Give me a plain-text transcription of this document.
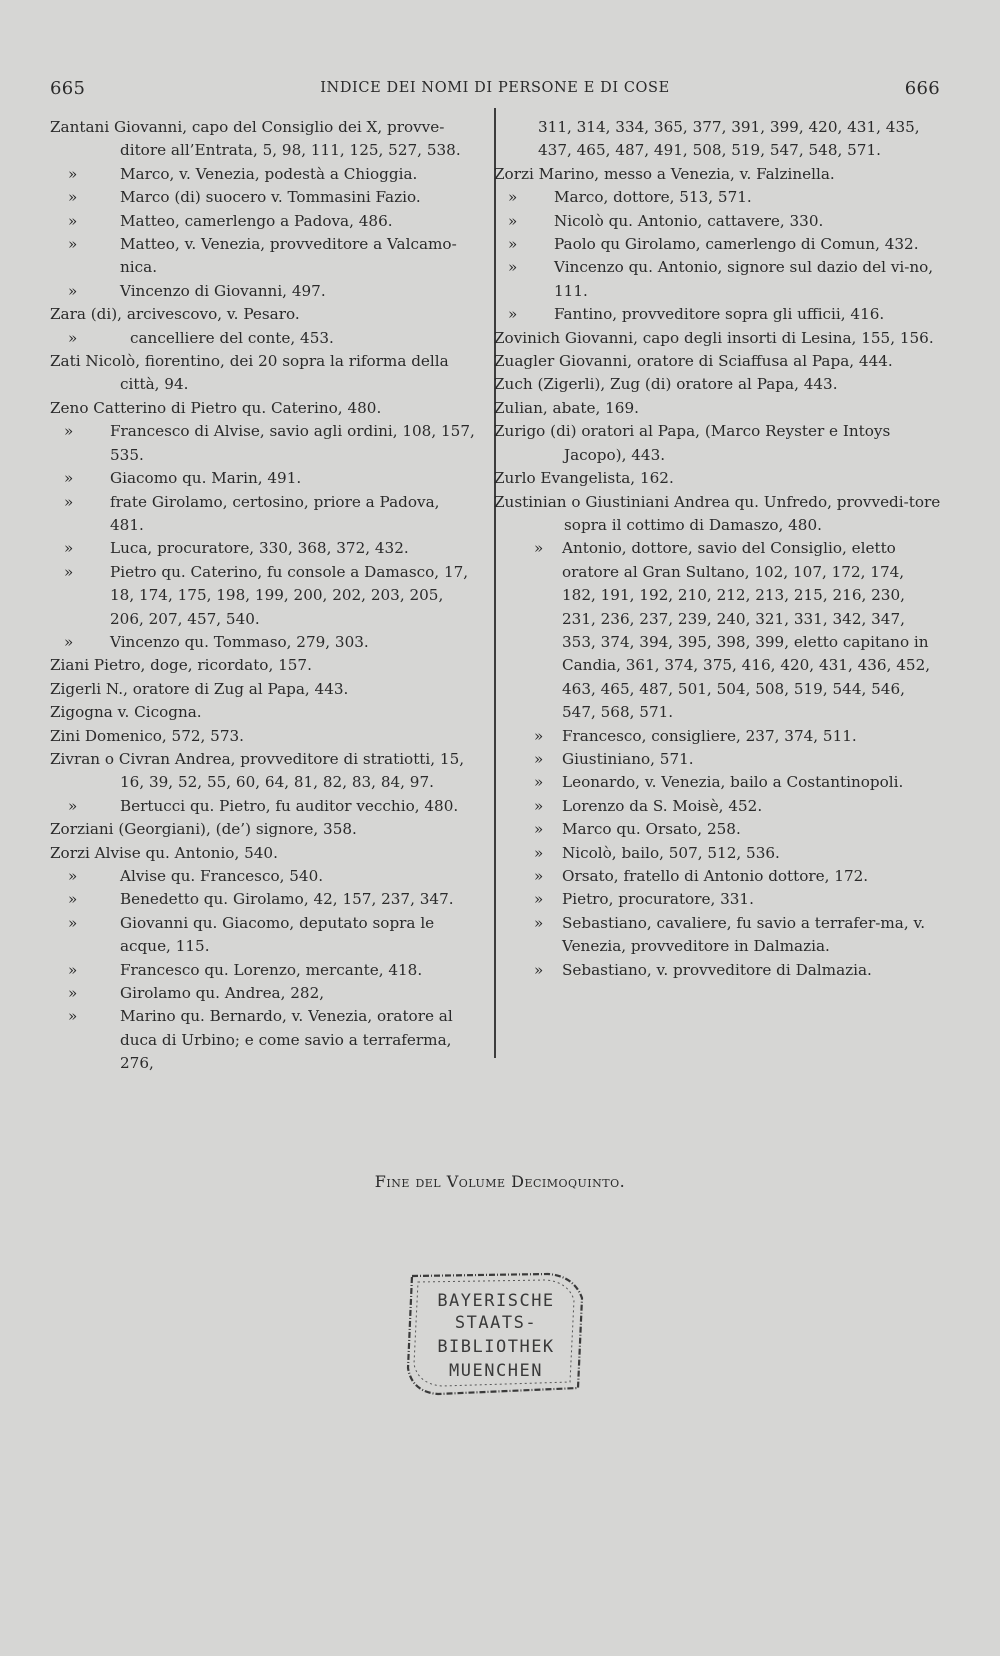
665	INDICE DEI NOMI DI PERSONE E DI COSE	666

Zantani Giovanni, capo del Consiglio dei X, provve-ditore all’Entrata, 5, 98, 111, 125, 527, 538.

»	Marco, v. Venezia, podestà a Chioggia.

»	Marco (di) suocero v. Tommasini Fazio.

»	Matteo, camerlengo a Padova, 486.

»	Matteo, v. Venezia, provveditore a Valcamo-nica.

»	Vincenzo di Giovanni, 497.

Zara (di), arcivescovo, v. Pesaro.

»	cancelliere del conte, 453.

Zati Nicolò, fiorentino, dei 20 sopra la riforma della città, 94.

Zeno Catterino di Pietro qu. Caterino, 480.

» Francesco di Alvise, savio agli ordini, 108, 157, 535.

» Giacomo qu. Marin, 491.

» frate Girolamo, certosino, priore a Padova, 481.

» Luca, procuratore, 330, 368, 372, 432.

» Pietro qu. Caterino, fu console a Damasco, 17, 18, 174, 175, 198, 199, 200, 202, 203, 205, 206, 207, 457, 540.

» Vincenzo qu. Tommaso, 279, 303.

Ziani Pietro, doge, ricordato, 157.

Zigerli N., oratore di Zug al Papa, 443.

Zigogna v. Cicogna.

Zini Domenico, 572, 573.

Zivran o Civran Andrea, provveditore di stratiotti, 15, 16, 39, 52, 55, 60, 64, 81, 82, 83, 84, 97.

»	Bertucci qu. Pietro, fu auditor vecchio, 480.

Zorziani (Georgiani), (de’) signore, 358.

Zorzi Alvise qu. Antonio, 540.

»	Alvise qu. Francesco, 540.

»	Benedetto qu. Girolamo, 42, 157, 237, 347.

»	Giovanni qu. Giacomo, deputato sopra le acque, 115.

»	Francesco qu. Lorenzo, mercante, 418.

»	Girolamo qu. Andrea, 282,

»	Marino qu. Bernardo, v. Venezia, oratore al duca di Urbino; e come savio a terraferma, 276,

311, 314, 334, 365, 377, 391, 399, 420, 431, 435, 437, 465, 487, 491, 508, 519, 547, 548, 571.

Zorzi Marino, messo a Venezia, v. Falzinella.

» Marco, dottore, 513, 571.

» Nicolò qu. Antonio, cattavere, 330.

» Paolo qu Girolamo, camerlengo di Comun, 432.

» Vincenzo qu. Antonio, signore sul dazio del vi-no, 111.

» Fantino, provveditore sopra gli ufficii, 416.

Zovinich Giovanni, capo degli insorti di Lesina, 155, 156.

Zuagler Giovanni, oratore di Sciaffusa al Papa, 444.

Zuch (Zigerli), Zug (di) oratore al Papa, 443.

Zulian, abate, 169.

Zurigo (di) oratori al Papa, (Marco Reyster e Intoys Jacopo), 443.

Zurlo Evangelista, 162.

Zustinian o Giustiniani Andrea qu. Unfredo, provvedi-tore sopra il cottimo di Damaszo, 480.

» Antonio, dottore, savio del Consiglio, eletto oratore al Gran Sultano, 102, 107, 172, 174, 182, 191, 192, 210, 212, 213, 215, 216, 230, 231, 236, 237, 239, 240, 321, 331, 342, 347, 353, 374, 394, 395, 398, 399, eletto capitano in Candia, 361, 374, 375, 416, 420, 431, 436, 452, 463, 465, 487, 501, 504, 508, 519, 544, 546, 547, 568, 571.

» Francesco, consigliere, 237, 374, 511.

» Giustiniano, 571.

» Leonardo, v. Venezia, bailo a Costantinopoli.

» Lorenzo da S. Moisè, 452.

» Marco qu. Orsato, 258.

» Nicolò, bailo, 507, 512, 536.

» Orsato, fratello di Antonio dottore, 172.

» Pietro, procuratore, 331.

» Sebastiano, cavaliere, fu savio a terrafer-ma, v. Venezia, provveditore in Dalmazia.

» Sebastiano, v. provveditore di Dalmazia.

Fine del Volume Decimoquinto.
BAYERISCHE
STAATS-
BIBLIOTHEK
MUENCHEN
